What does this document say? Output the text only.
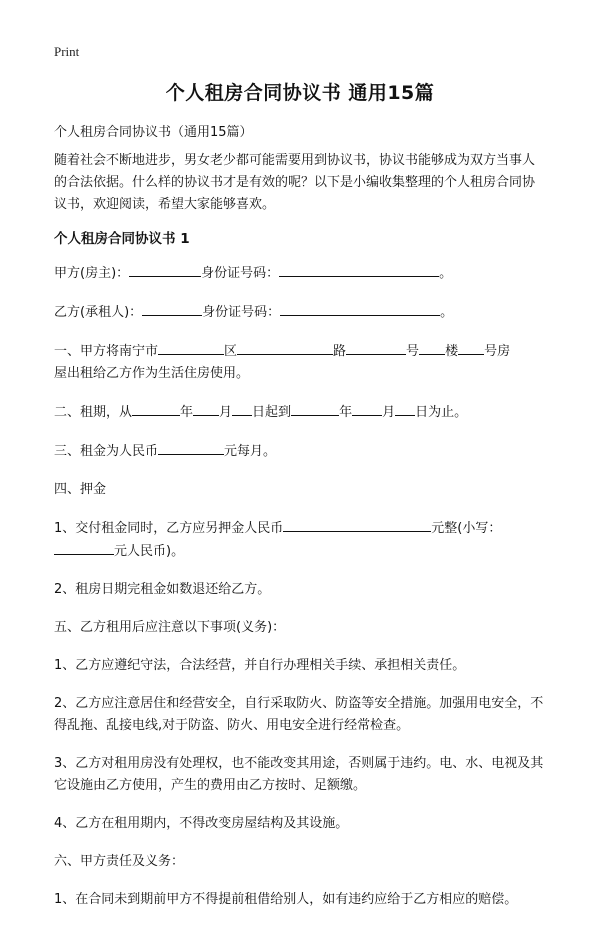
Print
个人租房合同协议书 通用15篇

个人租房合同协议书（通用15篇）

随着社会不断地进步，男女老少都可能需要用到协议书，协议书能够成为双方当事人的合法依据。什么样的协议书才是有效的呢？以下是小编收集整理的个人租房合同协议书，欢迎阅读，希望大家能够喜欢。

个人租房合同协议书 1

甲方(房主)：	身份证号码：	。

乙方(承租人)：	身份证号码：	。

一、甲方将南宁市	区	路	号 楼 号房
屋出租给乙方作为生活住房使用。

二、租期，从	年 月 日起到	年 月 日为止。

三、租金为人民币	元每月。

四、押金

1、交付租金同时，乙方应另押金人民币	元整(小写：
元人民币)。

2、租房日期完租金如数退还给乙方。

五、乙方租用后应注意以下事项(义务)：

1、乙方应遵纪守法，合法经营，并自行办理相关手续、承担相关责任。

2、乙方应注意居住和经营安全，自行采取防火、防盗等安全措施。加强用电安全，不得乱拖、乱接电线,对于防盗、防火、用电安全进行经常检查。

3、乙方对租用房没有处理权，也不能改变其用途，否则属于违约。电、水、电视及其它设施由乙方使用，产生的费用由乙方按时、足额缴。

4、乙方在租用期内，不得改变房屋结构及其设施。

六、甲方责任及义务：

1、在合同未到期前甲方不得提前租借给别人，如有违约应给于乙方相应的赔偿。
